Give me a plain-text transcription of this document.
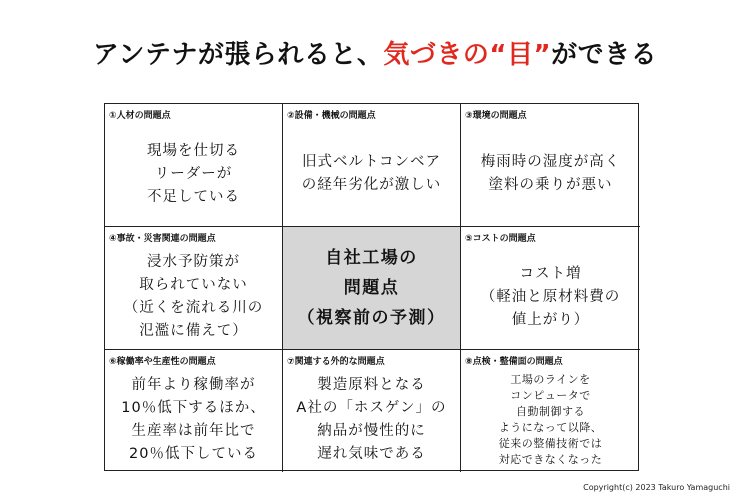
アンテナが張られると、気づきの“目”ができる
①人材の問題点
現場を仕切る
リーダーが
不足している
②設備・機械の問題点
旧式ベルトコンベア
の経年劣化が激しい
③環境の問題点
梅雨時の湿度が高く
塗料の乗りが悪い
④事故・災害関連の問題点
浸水予防策が
取られていない
（近くを流れる川の
氾濫に備えて）
自社工場の
問題点
（視察前の予測）
⑤コストの問題点
コスト増
（軽油と原材料費の
値上がり）
⑥稼働率や生産性の問題点
前年より稼働率が
10％低下するほか、
生産率は前年比で
20％低下している
⑦関連する外的な問題点
製造原料となる
A社の「ホスゲン」の
納品が慢性的に
遅れ気味である
⑧点検・整備面の問題点
工場のラインを
コンピュータで
自動制御する
ようになって以降、
従来の整備技術では
対応できなくなった
Copyright(c) 2023 Takuro Yamaguchi
